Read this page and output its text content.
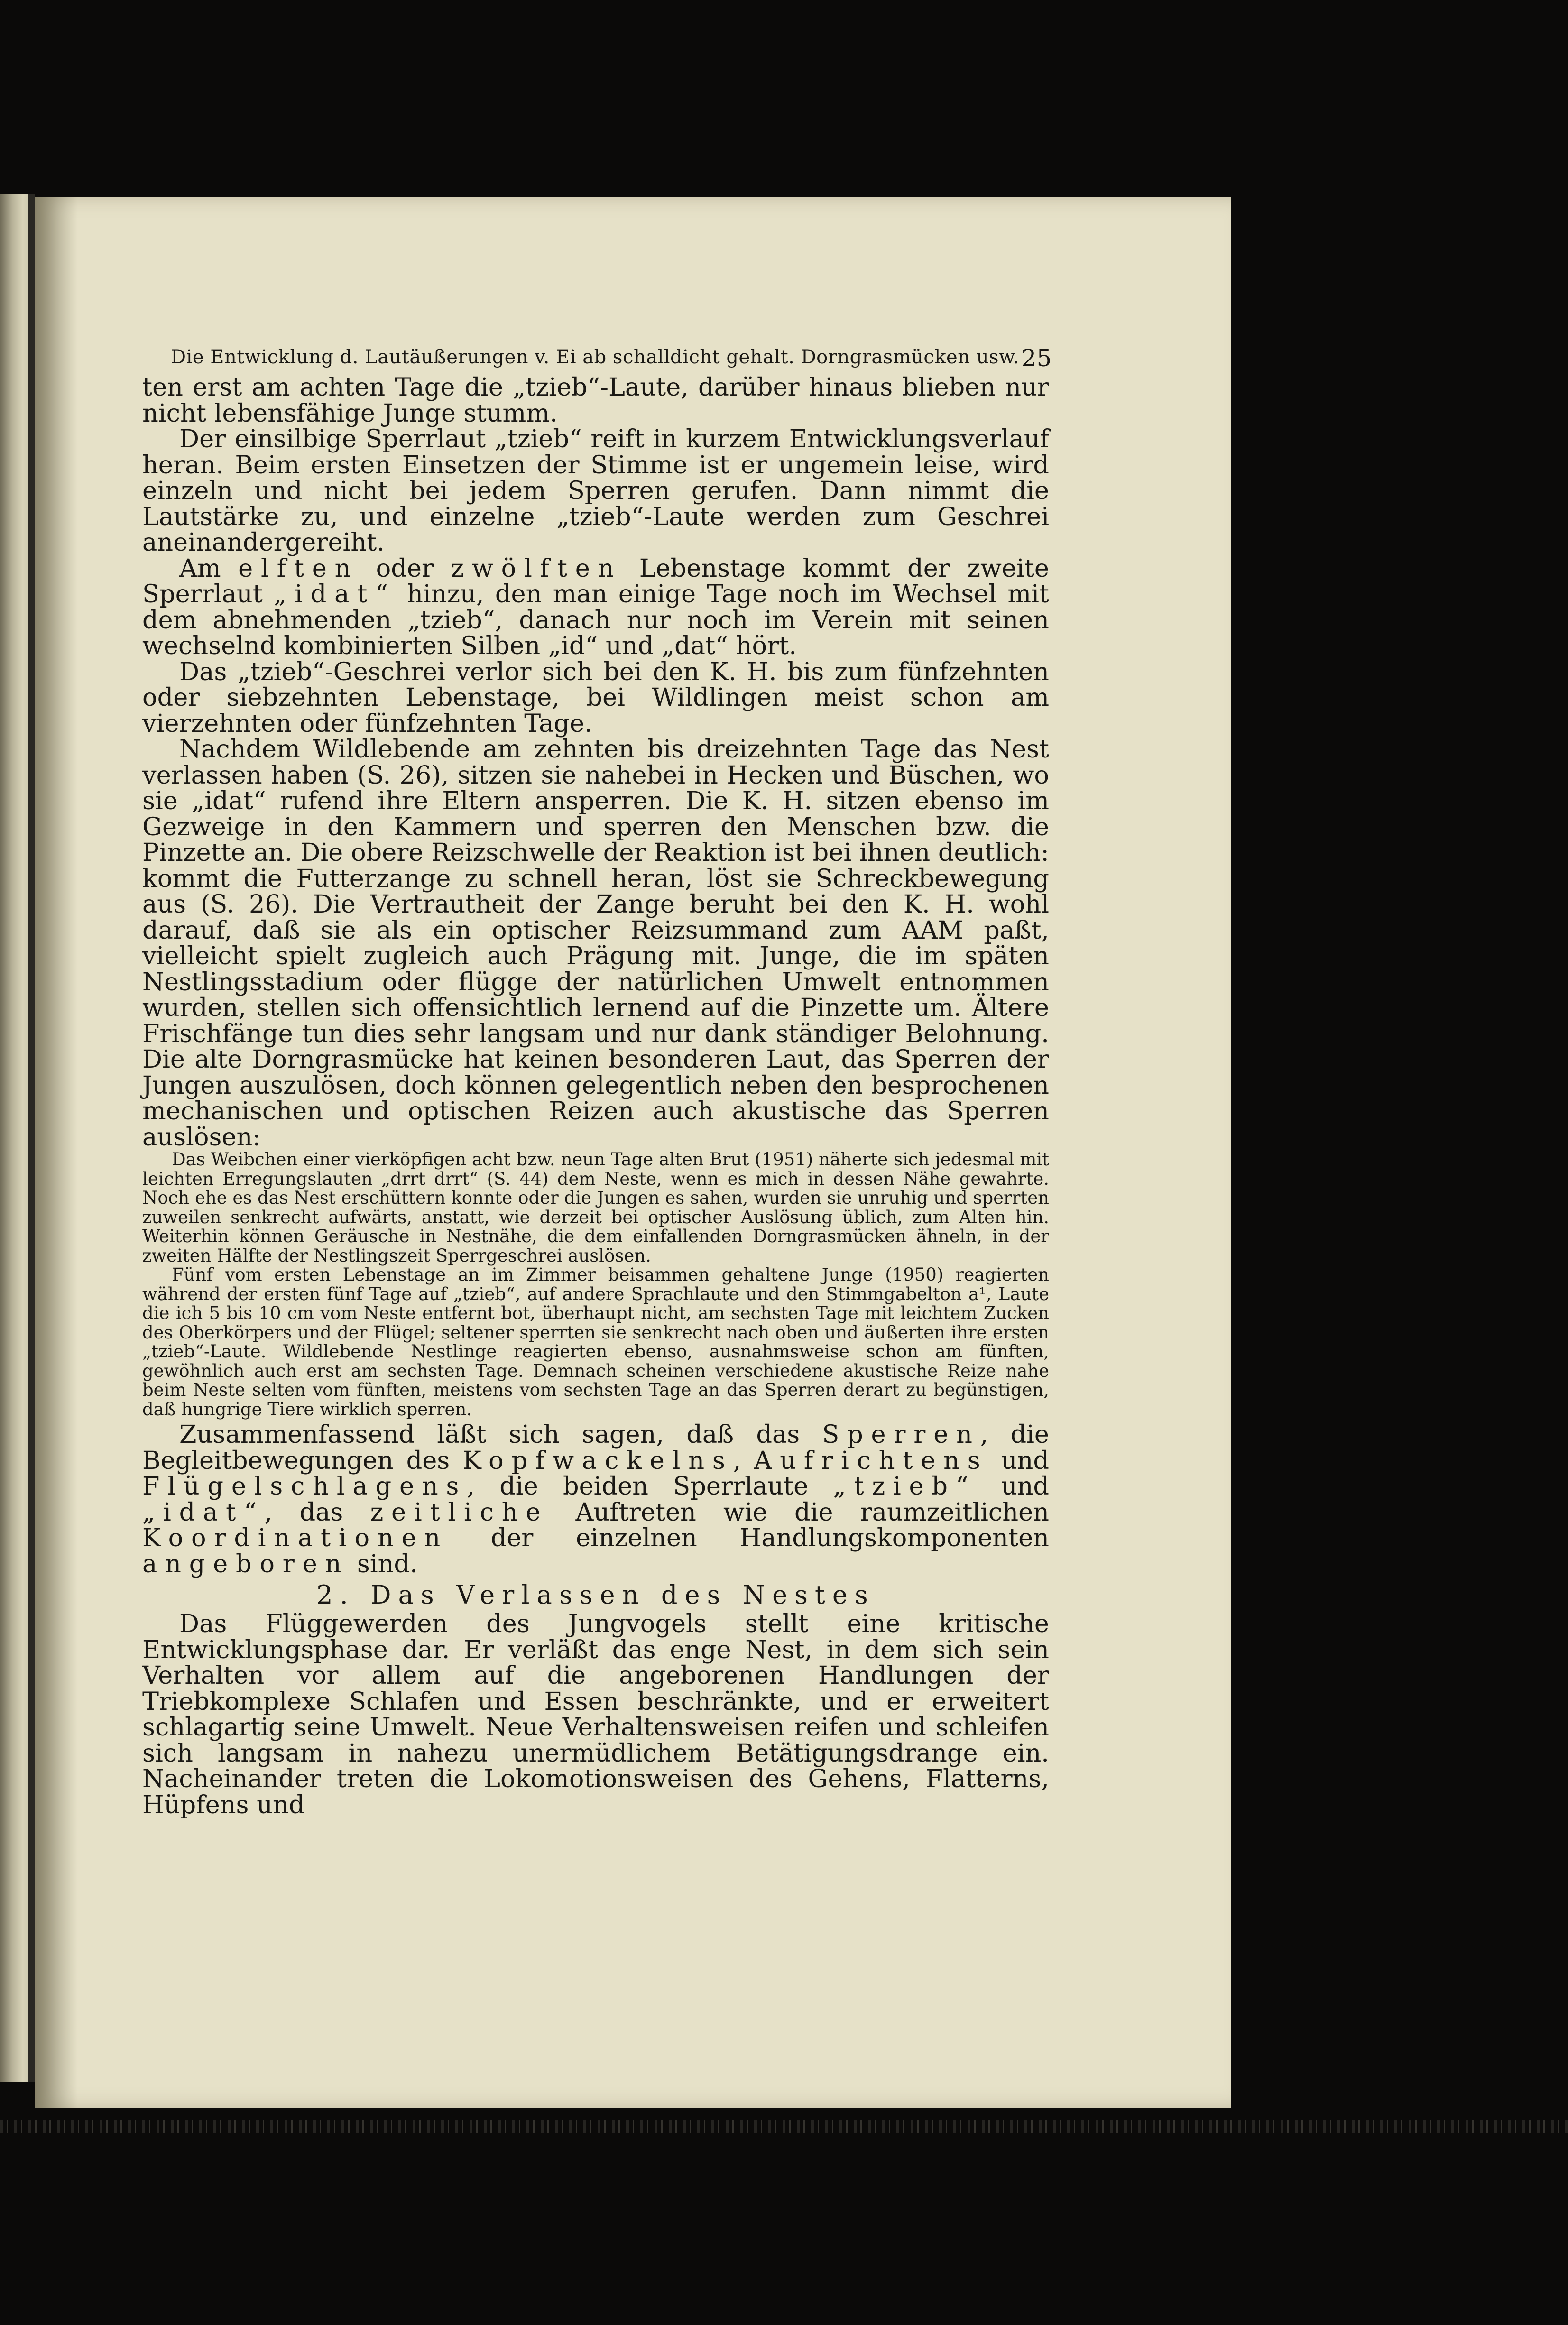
Die Entwicklung d. Lautäußerungen v. Ei ab schalldicht gehalt. Dorngrasmücken usw. 25

ten erst am achten Tage die „tzieb“-Laute, darüber hinaus blieben nur nicht lebensfähige Junge stumm.

Der einsilbige Sperrlaut „tzieb“ reift in kurzem Entwicklungsverlauf heran. Beim ersten Einsetzen der Stimme ist er ungemein leise, wird einzeln und nicht bei jedem Sperren gerufen. Dann nimmt die Lautstärke zu, und einzelne „tzieb“-Laute werden zum Geschrei aneinandergereiht.

Am elften oder zwölften Lebenstage kommt der zweite Sperrlaut „idat“ hinzu, den man einige Tage noch im Wechsel mit dem abnehmenden „tzieb“, danach nur noch im Verein mit seinen wechselnd kombinierten Silben „id“ und „dat“ hört.

Das „tzieb“-Geschrei verlor sich bei den K. H. bis zum fünfzehnten oder siebzehnten Lebenstage, bei Wildlingen meist schon am vierzehnten oder fünfzehnten Tage.

Nachdem Wildlebende am zehnten bis dreizehnten Tage das Nest verlassen haben (S. 26), sitzen sie nahebei in Hecken und Büschen, wo sie „idat“ rufend ihre Eltern ansperren. Die K. H. sitzen ebenso im Gezweige in den Kammern und sperren den Menschen bzw. die Pinzette an. Die obere Reizschwelle der Reaktion ist bei ihnen deutlich: kommt die Futterzange zu schnell heran, löst sie Schreckbewegung aus (S. 26). Die Vertrautheit der Zange beruht bei den K. H. wohl darauf, daß sie als ein optischer Reizsummand zum AAM paßt, vielleicht spielt zugleich auch Prägung mit. Junge, die im späten Nestlingsstadium oder flügge der natürlichen Umwelt entnommen wurden, stellen sich offensichtlich lernend auf die Pinzette um. Ältere Frischfänge tun dies sehr langsam und nur dank ständiger Belohnung. Die alte Dorngrasmücke hat keinen besonderen Laut, das Sperren der Jungen auszulösen, doch können gelegentlich neben den besprochenen mechanischen und optischen Reizen auch akustische das Sperren auslösen:

Das Weibchen einer vierköpfigen acht bzw. neun Tage alten Brut (1951) näherte sich jedesmal mit leichten Erregungslauten „drrt drrt“ (S. 44) dem Neste, wenn es mich in dessen Nähe gewahrte. Noch ehe es das Nest erschüttern konnte oder die Jungen es sahen, wurden sie unruhig und sperrten zuweilen senkrecht aufwärts, anstatt, wie derzeit bei optischer Auslösung üblich, zum Alten hin. Weiterhin können Geräusche in Nestnähe, die dem einfallenden Dorngrasmücken ähneln, in der zweiten Hälfte der Nestlingszeit Sperrgeschrei auslösen.

Fünf vom ersten Lebenstage an im Zimmer beisammen gehaltene Junge (1950) reagierten während der ersten fünf Tage auf „tzieb“, auf andere Sprachlaute und den Stimmgabelton a¹, Laute die ich 5 bis 10 cm vom Neste entfernt bot, überhaupt nicht, am sechsten Tage mit leichtem Zucken des Oberkörpers und der Flügel; seltener sperrten sie senkrecht nach oben und äußerten ihre ersten „tzieb“-Laute. Wildlebende Nestlinge reagierten ebenso, ausnahmsweise schon am fünften, gewöhnlich auch erst am sechsten Tage. Demnach scheinen verschiedene akustische Reize nahe beim Neste selten vom fünften, meistens vom sechsten Tage an das Sperren derart zu begünstigen, daß hungrige Tiere wirklich sperren.

Zusammenfassend läßt sich sagen, daß das Sperren, die Begleitbewegungen des Kopfwackelns, Aufrichtens und Flügelschlagens, die beiden Sperrlaute „tzieb“ und „idat“, das zeitliche Auftreten wie die raumzeitlichen Koordinationen der einzelnen Handlungskomponenten angeboren sind.

2. Das Verlassen des Nestes

Das Flüggewerden des Jungvogels stellt eine kritische Entwicklungsphase dar. Er verläßt das enge Nest, in dem sich sein Verhalten vor allem auf die angeborenen Handlungen der Triebkomplexe Schlafen und Essen beschränkte, und er erweitert schlagartig seine Umwelt. Neue Verhaltensweisen reifen und schleifen sich langsam in nahezu unermüdlichem Betätigungsdrange ein. Nacheinander treten die Lokomotionsweisen des Gehens, Flatterns, Hüpfens und
